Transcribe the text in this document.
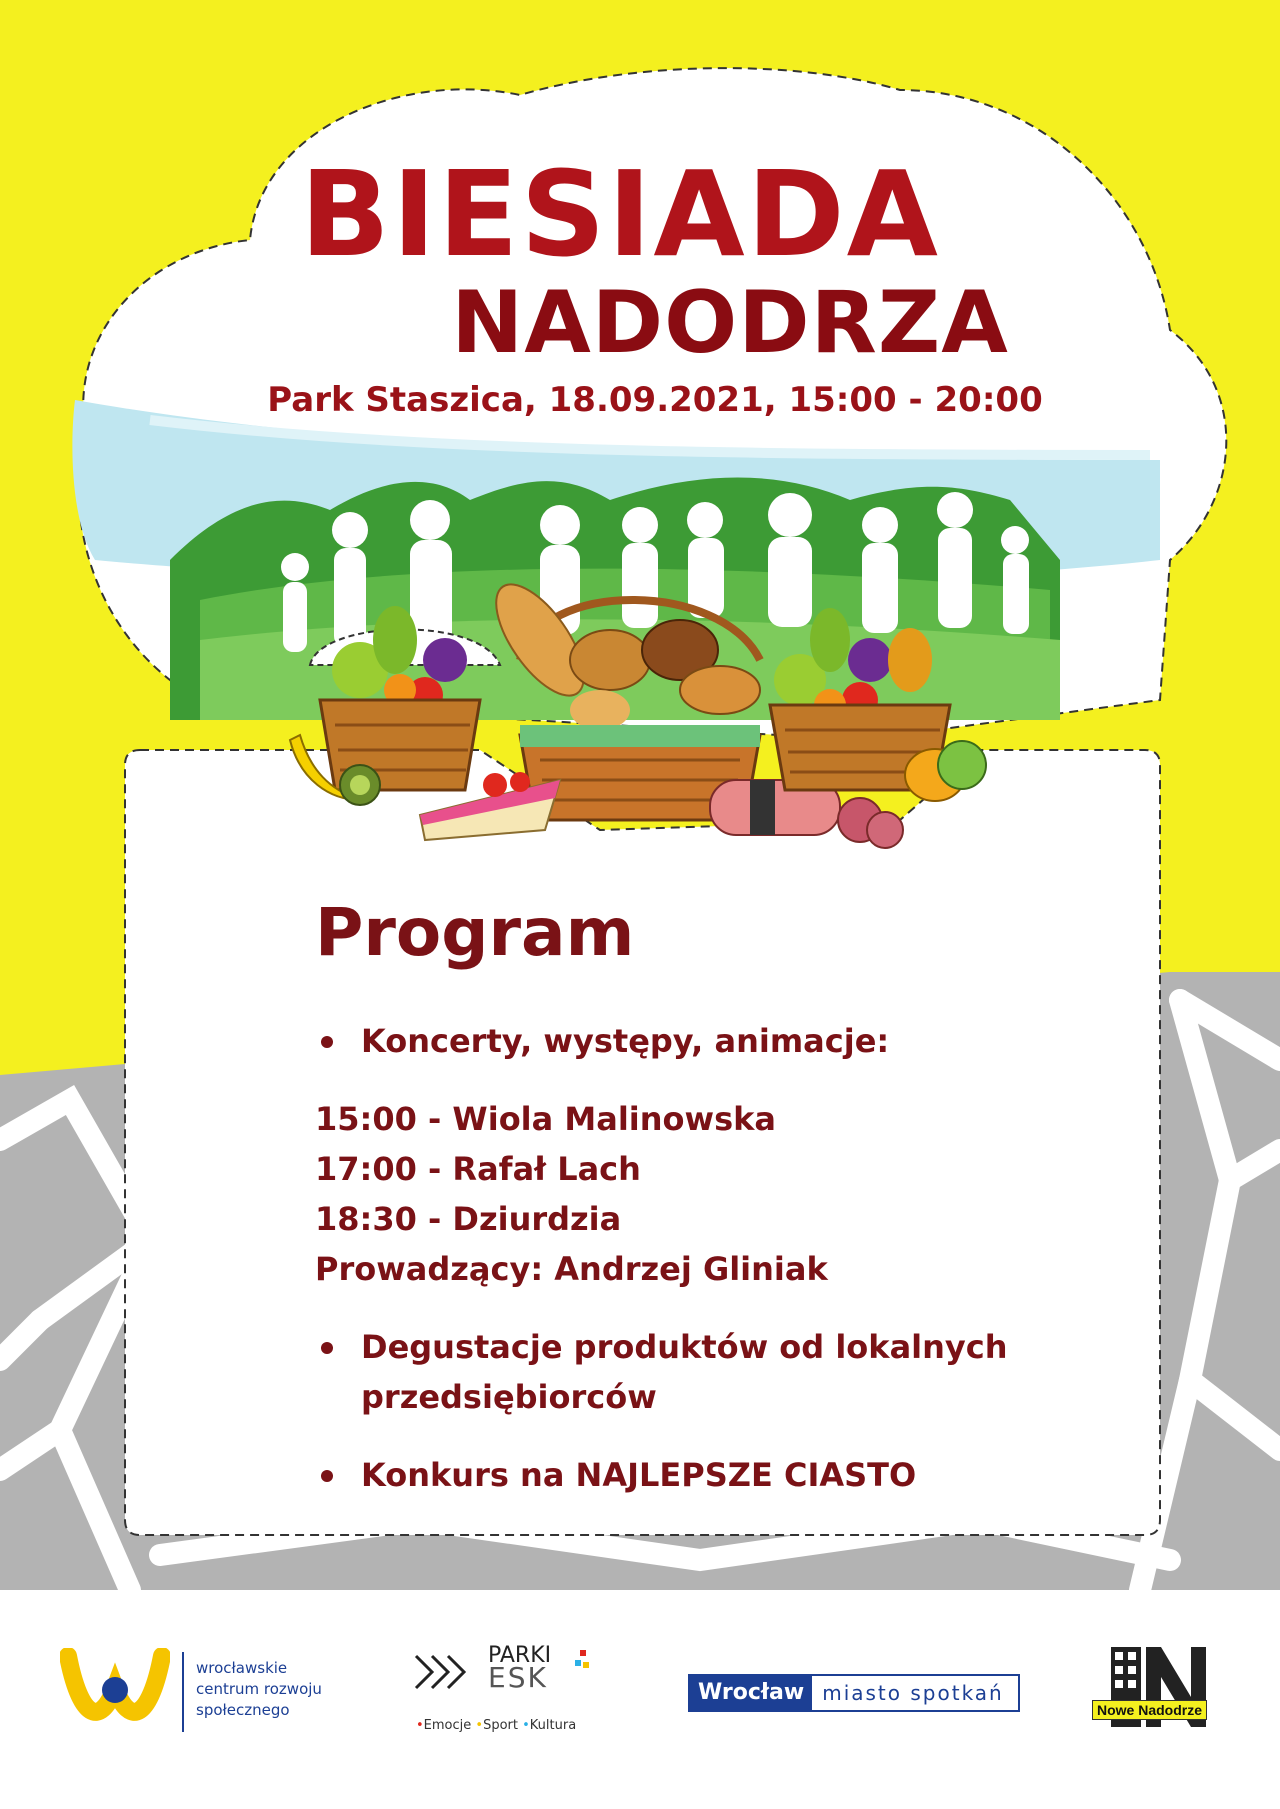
BIESIADA
NADODRZA
Park Staszica, 18.09.2021, 15:00 - 20:00
Program
Koncerty, występy, animacje:
15:00 - Wiola Malinowska
17:00 - Rafał Lach
18:30 - Dziurdzia
Prowadzący: Andrzej Gliniak
Degustacje produktów od lokalnych
przedsiębiorców
Konkurs na NAJLEPSZE CIASTO
wrocławskie
centrum rozwoju
społecznego
PARKI
ESK
•Emocje •Sport •Kultura
Wrocław miasto spotkań
Nowe Nadodrze
